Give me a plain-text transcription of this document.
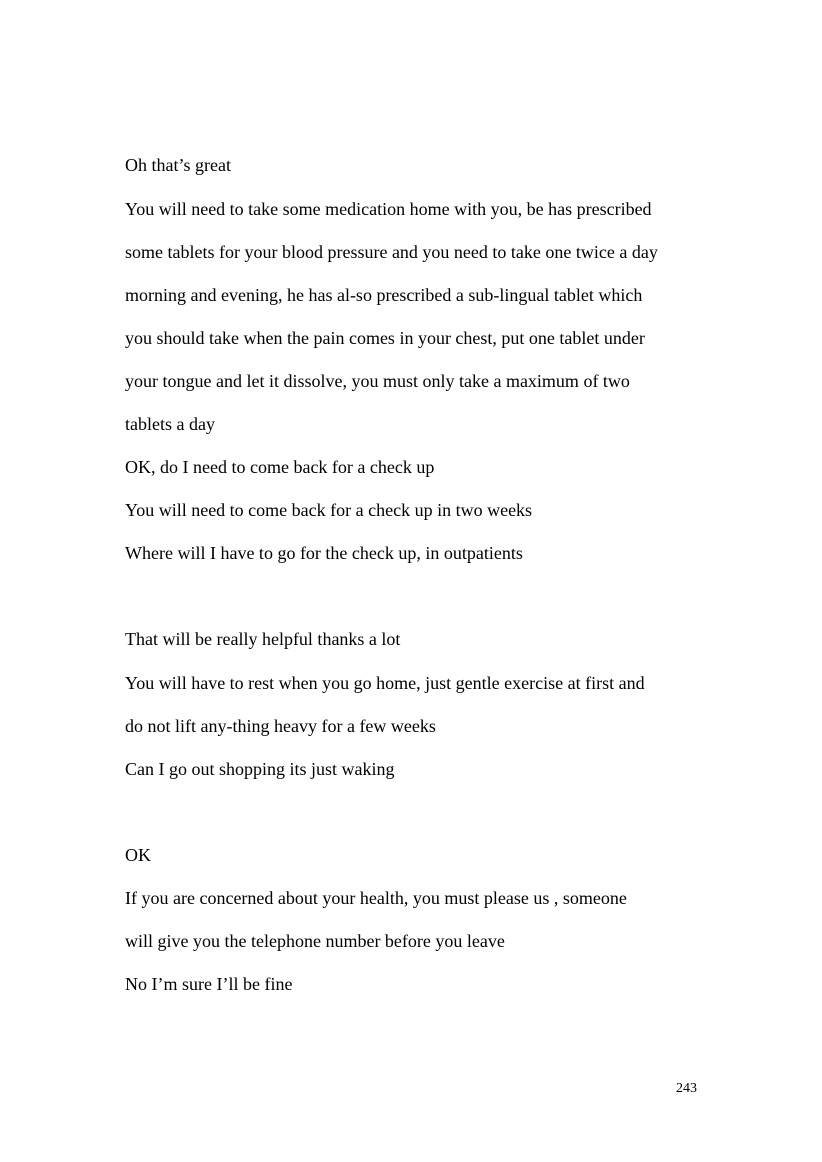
Oh that’s great
You will need to take some medication home with you, be has prescribed
some tablets for your blood pressure and you need to take one twice a day
morning and evening, he has al-so prescribed a sub-lingual tablet which
you should take when the pain comes in your chest, put one tablet under
your tongue and let it dissolve, you must only take a maximum of two
tablets a day
OK, do I need to come back for a check up
You will need to come back for a check up in two weeks
Where will I have to go for the check up, in outpatients
That will be really helpful thanks a lot
You will have to rest when you go home, just gentle exercise at first and
do not lift any-thing heavy for a few weeks
Can I go out shopping its just waking
OK
If you are concerned about your health, you must please us , someone
will give you the telephone number before you leave
No I’m sure I’ll be fine
243
